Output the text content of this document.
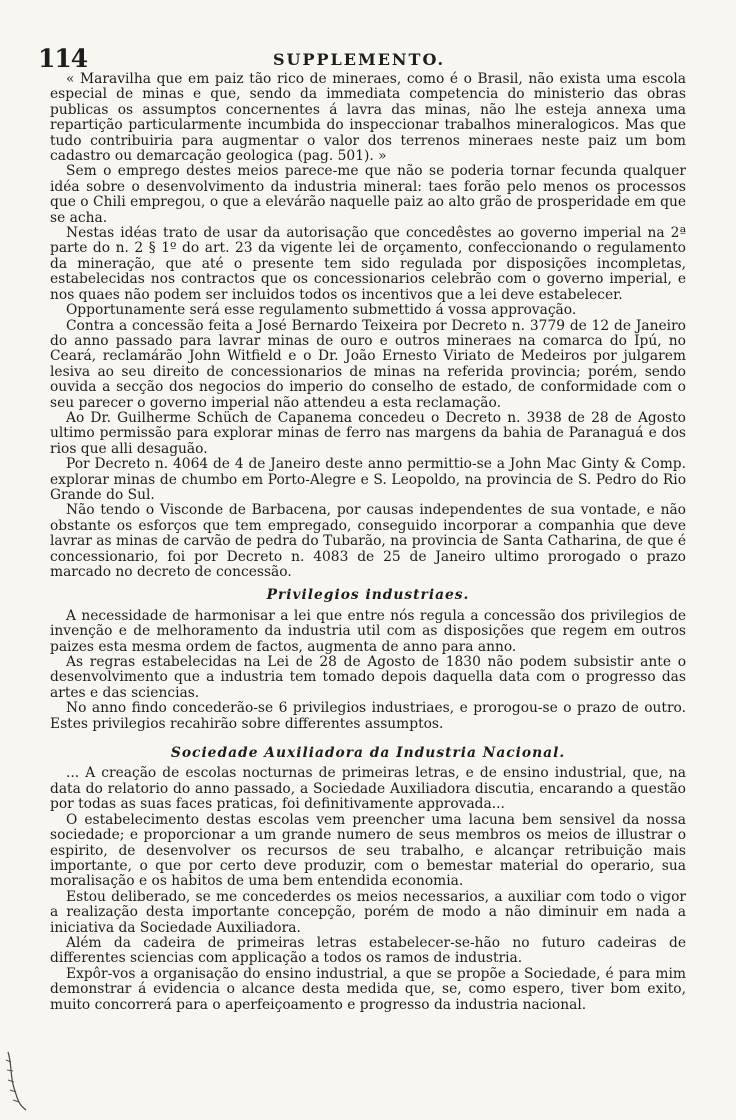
114	SUPPLEMENTO.

« Maravilha que em paiz tão rico de mineraes, como é o Brasil, não exista uma escola especial de minas e que, sendo da immediata competencia do ministerio das obras publicas os assumptos concernentes á lavra das minas, não lhe esteja annexa uma repartição particularmente incumbida do inspeccionar trabalhos mineralogicos. Mas que tudo contribuiria para augmentar o valor dos terrenos mineraes neste paiz um bom cadastro ou demarcação geologica (pag. 501). »

Sem o emprego destes meios parece-me que não se poderia tornar fecunda qualquer idéa sobre o desenvolvimento da industria mineral: taes forão pelo menos os processos que o Chili empregou, o que a elevárão naquelle paiz ao alto grão de prosperidade em que se acha.

Nestas idéas trato de usar da autorisação que concedêstes ao governo imperial na 2ª parte do n. 2 § 1º do art. 23 da vigente lei de orçamento, confeccionando o regulamento da mineração, que até o presente tem sido regulada por disposições incompletas, estabelecidas nos contractos que os concessionarios celebrão com o governo imperial, e nos quaes não podem ser incluidos todos os incentivos que a lei deve estabelecer.

Opportunamente será esse regulamento submettido á vossa approvação.

Contra a concessão feita a José Bernardo Teixeira por Decreto n. 3779 de 12 de Janeiro do anno passado para lavrar minas de ouro e outros mineraes na comarca do Ipú, no Ceará, reclamárão John Witfield e o Dr. João Ernesto Viriato de Medeiros por julgarem lesiva ao seu direito de concessionarios de minas na referida provincia; porém, sendo ouvida a secção dos negocios do imperio do conselho de estado, de conformidade com o seu parecer o governo imperial não attendeu a esta reclamação.

Ao Dr. Guilherme Schüch de Capanema concedeu o Decreto n. 3938 de 28 de Agosto ultimo permissão para explorar minas de ferro nas margens da bahia de Paranaguá e dos rios que alli desaguão.

Por Decreto n. 4064 de 4 de Janeiro deste anno permittio-se a John Mac Ginty & Comp. explorar minas de chumbo em Porto-Alegre e S. Leopoldo, na provincia de S. Pedro do Rio Grande do Sul.

Não tendo o Visconde de Barbacena, por causas independentes de sua vontade, e não obstante os esforços que tem empregado, conseguido incorporar a companhia que deve lavrar as minas de carvão de pedra do Tubarão, na provincia de Santa Catharina, de que é concessionario, foi por Decreto n. 4083 de 25 de Janeiro ultimo prorogado o prazo marcado no decreto de concessão.

Privilegios industriaes.

A necessidade de harmonisar a lei que entre nós regula a concessão dos privilegios de invenção e de melhoramento da industria util com as disposições que regem em outros paizes esta mesma ordem de factos, augmenta de anno para anno.

As regras estabelecidas na Lei de 28 de Agosto de 1830 não podem subsistir ante o desenvolvimento que a industria tem tomado depois daquella data com o progresso das artes e das sciencias.

No anno findo concederão-se 6 privilegios industriaes, e prorogou-se o prazo de outro. Estes privilegios recahirão sobre differentes assumptos.

Sociedade Auxiliadora da Industria Nacional.

... A creação de escolas nocturnas de primeiras letras, e de ensino industrial, que, na data do relatorio do anno passado, a Sociedade Auxiliadora discutia, encarando a questão por todas as suas faces praticas, foi definitivamente approvada...

O estabelecimento destas escolas vem preencher uma lacuna bem sensivel da nossa sociedade; e proporcionar a um grande numero de seus membros os meios de illustrar o espirito, de desenvolver os recursos de seu trabalho, e alcançar retribuição mais importante, o que por certo deve produzir, com o bemestar material do operario, sua moralisação e os habitos de uma bem entendida economia.

Estou deliberado, se me concederdes os meios necessarios, a auxiliar com todo o vigor a realização desta importante concepção, porém de modo a não diminuir em nada a iniciativa da Sociedade Auxiliadora.

Além da cadeira de primeiras letras estabelecer-se-hão no futuro cadeiras de differentes sciencias com applicação a todos os ramos de industria.

Expôr-vos a organisação do ensino industrial, a que se propõe a Sociedade, é para mim demonstrar á evidencia o alcance desta medida que, se, como espero, tiver bom exito, muito concorrerá para o aperfeiçoamento e progresso da industria nacional.
